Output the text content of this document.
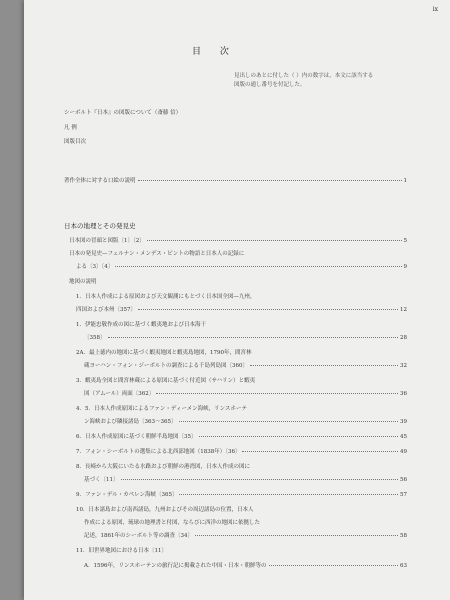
ix
目 次
見出しのあとに付した（ ）内の数字は，本文に該当する
図版の通し番号を付記した。
シーボルト『日本』の図版について（斎藤 信）
凡 例
図版目次
著作全体に対する口絵の説明	1
日本の地理とその発見史
日本図の冒頭と図版〔1〕〔2〕	5
日本の発見史—フェルナン・メンデス・ピントの物語と日本人の記録に
よる〔3〕〔4〕	9
地図の説明
1．日本人作成による原図および天文観測にもとづく日本国全図—九州，
四国および本州〔357〕	12
1．伊能忠敬作成の図に基づく蝦夷地および日本海干
〔358〕	28
2A．最上徳内の地図に基づく蝦夷地図と蝦夷島地図，1790年，間宮林
蔵ヨーハン・フォン・ジーボルトの調査による千島列島図〔360〕	32
3．蝦夷島全図と間宮林蔵による原図に基づく付近図（サハリン）と蝦夷
図（アムール）両面〔362〕	36
4．5．日本人作成原図によるファン・ディーメン海峡，リンスホーテ
ン海峡および隣接諸島〔363〜365〕	39
6．日本人作成原図に基づく朝鮮半島地図〔35〕	45
7．フォン・シーボルトの選集による北西部地図（1838年）〔36〕	49
8．長崎から大阪にいたる水路および朝鮮の港湾図，日本人作成の図に
基づく〔11〕	56
9．ファン・デル・カペレン海峡〔365〕	57
10．日本諸島および南西諸島，九州およびその周辺諸島の位置，日本人
作成による原図，琉球の地理書と付図，ならびに西洋の地図に依拠した
記述，1861年のシーボルト等の調査〔34〕	58
11．旧世界地図における日本〔11〕
A．1596年，リンスホーテンの旅行記に掲載された中国・日本・朝鮮等の	63
